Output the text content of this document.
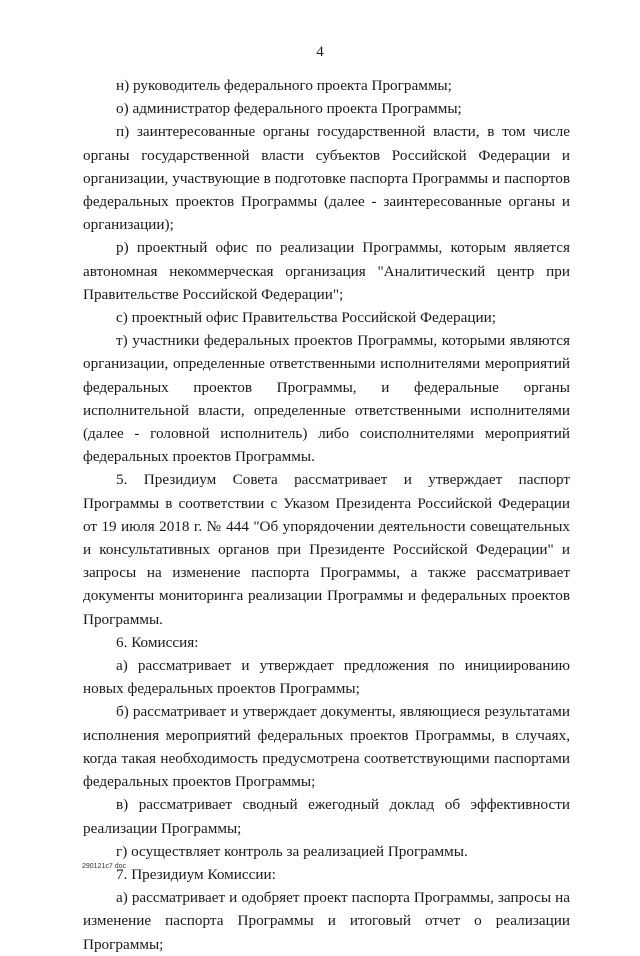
4

н) руководитель федерального проекта Программы;

о) администратор федерального проекта Программы;

п) заинтересованные органы государственной власти, в том числе органы государственной власти субъектов Российской Федерации и организации, участвующие в подготовке паспорта Программы и паспортов федеральных проектов Программы (далее - заинтересованные органы и организации);

р) проектный офис по реализации Программы, которым является автономная некоммерческая организация "Аналитический центр при Правительстве Российской Федерации";

с) проектный офис Правительства Российской Федерации;

т) участники федеральных проектов Программы, которыми являются организации, определенные ответственными исполнителями мероприятий федеральных проектов Программы, и федеральные органы исполнительной власти, определенные ответственными исполнителями (далее - головной исполнитель) либо соисполнителями мероприятий федеральных проектов Программы.

5. Президиум Совета рассматривает и утверждает паспорт Программы в соответствии с Указом Президента Российской Федерации от 19 июля 2018 г. № 444 "Об упорядочении деятельности совещательных и консультативных органов при Президенте Российской Федерации" и запросы на изменение паспорта Программы, а также рассматривает документы мониторинга реализации Программы и федеральных проектов Программы.

6. Комиссия:

а) рассматривает и утверждает предложения по инициированию новых федеральных проектов Программы;

б) рассматривает и утверждает документы, являющиеся результатами исполнения мероприятий федеральных проектов Программы, в случаях, когда такая необходимость предусмотрена соответствующими паспортами федеральных проектов Программы;

в) рассматривает сводный ежегодный доклад об эффективности реализации Программы;

г) осуществляет контроль за реализацией Программы.

7. Президиум Комиссии:

а) рассматривает и одобряет проект паспорта Программы, запросы на изменение паспорта Программы и итоговый отчет о реализации Программы;

290121c7 doc
